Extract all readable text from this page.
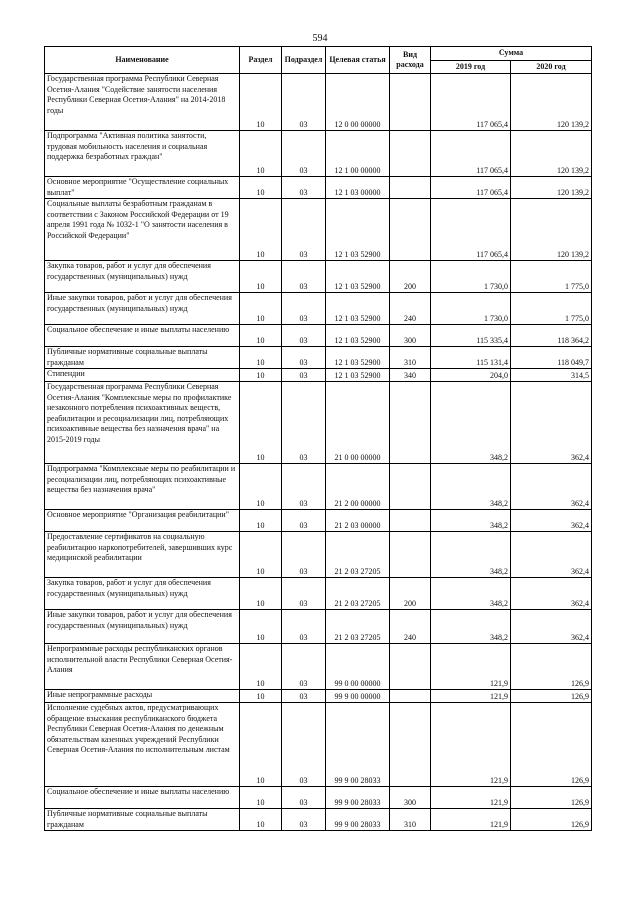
594
Наименование	Раздел	Подраздел	Целевая статья	Вид расхода	Сумма	
					2019 год	2020 год
Государственная программа Республики Северная Осетия-Алания "Содействие занятости населения Республики Северная Осетия-Алания" на 2014-2018 годы	10	03	12 0 00 00000		117 065,4	120 139,2
Подпрограмма "Активная политика занятости, трудовая мобильность населения и социальная поддержка безработных граждан"	10	03	12 1 00 00000		117 065,4	120 139,2
Основное мероприятие "Осуществление социальных выплат"	10	03	12 1 03 00000		117 065,4	120 139,2
Социальные выплаты безработным гражданам в соответствии с Законом Российской Федерации от 19 апреля 1991 года № 1032-1 "О занятости населения в Российской Федерации"	10	03	12 1 03 52900		117 065,4	120 139,2
Закупка товаров, работ и услуг для обеспечения государственных (муниципальных) нужд	10	03	12 1 03 52900	200	1 730,0	1 775,0
Иные закупки товаров, работ и услуг для обеспечения государственных (муниципальных) нужд	10	03	12 1 03 52900	240	1 730,0	1 775,0
Социальное обеспечение и иные выплаты населению	10	03	12 1 03 52900	300	115 335,4	118 364,2
Публичные нормативные социальные выплаты гражданам	10	03	12 1 03 52900	310	115 131,4	118 049,7
Стипендии	10	03	12 1 03 52900	340	204,0	314,5
Государственная программа Республики Северная Осетия-Алания "Комплексные меры по профилактике незаконного потребления психоактивных веществ, реабилитации и ресоциализации лиц, потребляющих психоактивные вещества без назначения врача" на 2015-2019 годы	10	03	21 0 00 00000		348,2	362,4
Подпрограмма "Комплексные меры по реабилитации и ресоциализации лиц, потребляющих психоактивные вещества без назначения врача"	10	03	21 2 00 00000		348,2	362,4
Основное мероприятие "Организация реабилитации"	10	03	21 2 03 00000		348,2	362,4
Предоставление сертификатов на социальную реабилитацию наркопотребителей, завершивших курс медицинской реабилитации	10	03	21 2 03 27205		348,2	362,4
Закупка товаров, работ и услуг для обеспечения государственных (муниципальных) нужд	10	03	21 2 03 27205	200	348,2	362,4
Иные закупки товаров, работ и услуг для обеспечения государственных (муниципальных) нужд	10	03	21 2 03 27205	240	348,2	362,4
Непрограммные расходы республиканских органов исполнительной власти Республики Северная Осетия-Алания	10	03	99 0 00 00000		121,9	126,9
Иные непрограммные расходы	10	03	99 9 00 00000		121,9	126,9
Исполнение судебных актов, предусматривающих обращение взыскания республиканского бюджета Республики Северная Осетия-Алания по денежным обязательствам казенных учреждений Республики Северная Осетия-Алания по исполнительным листам	10	03	99 9 00 28033		121,9	126,9
Социальное обеспечение и иные выплаты населению	10	03	99 9 00 28033	300	121,9	126,9
Публичные нормативные социальные выплаты гражданам	10	03	99 9 00 28033	310	121,9	126,9
